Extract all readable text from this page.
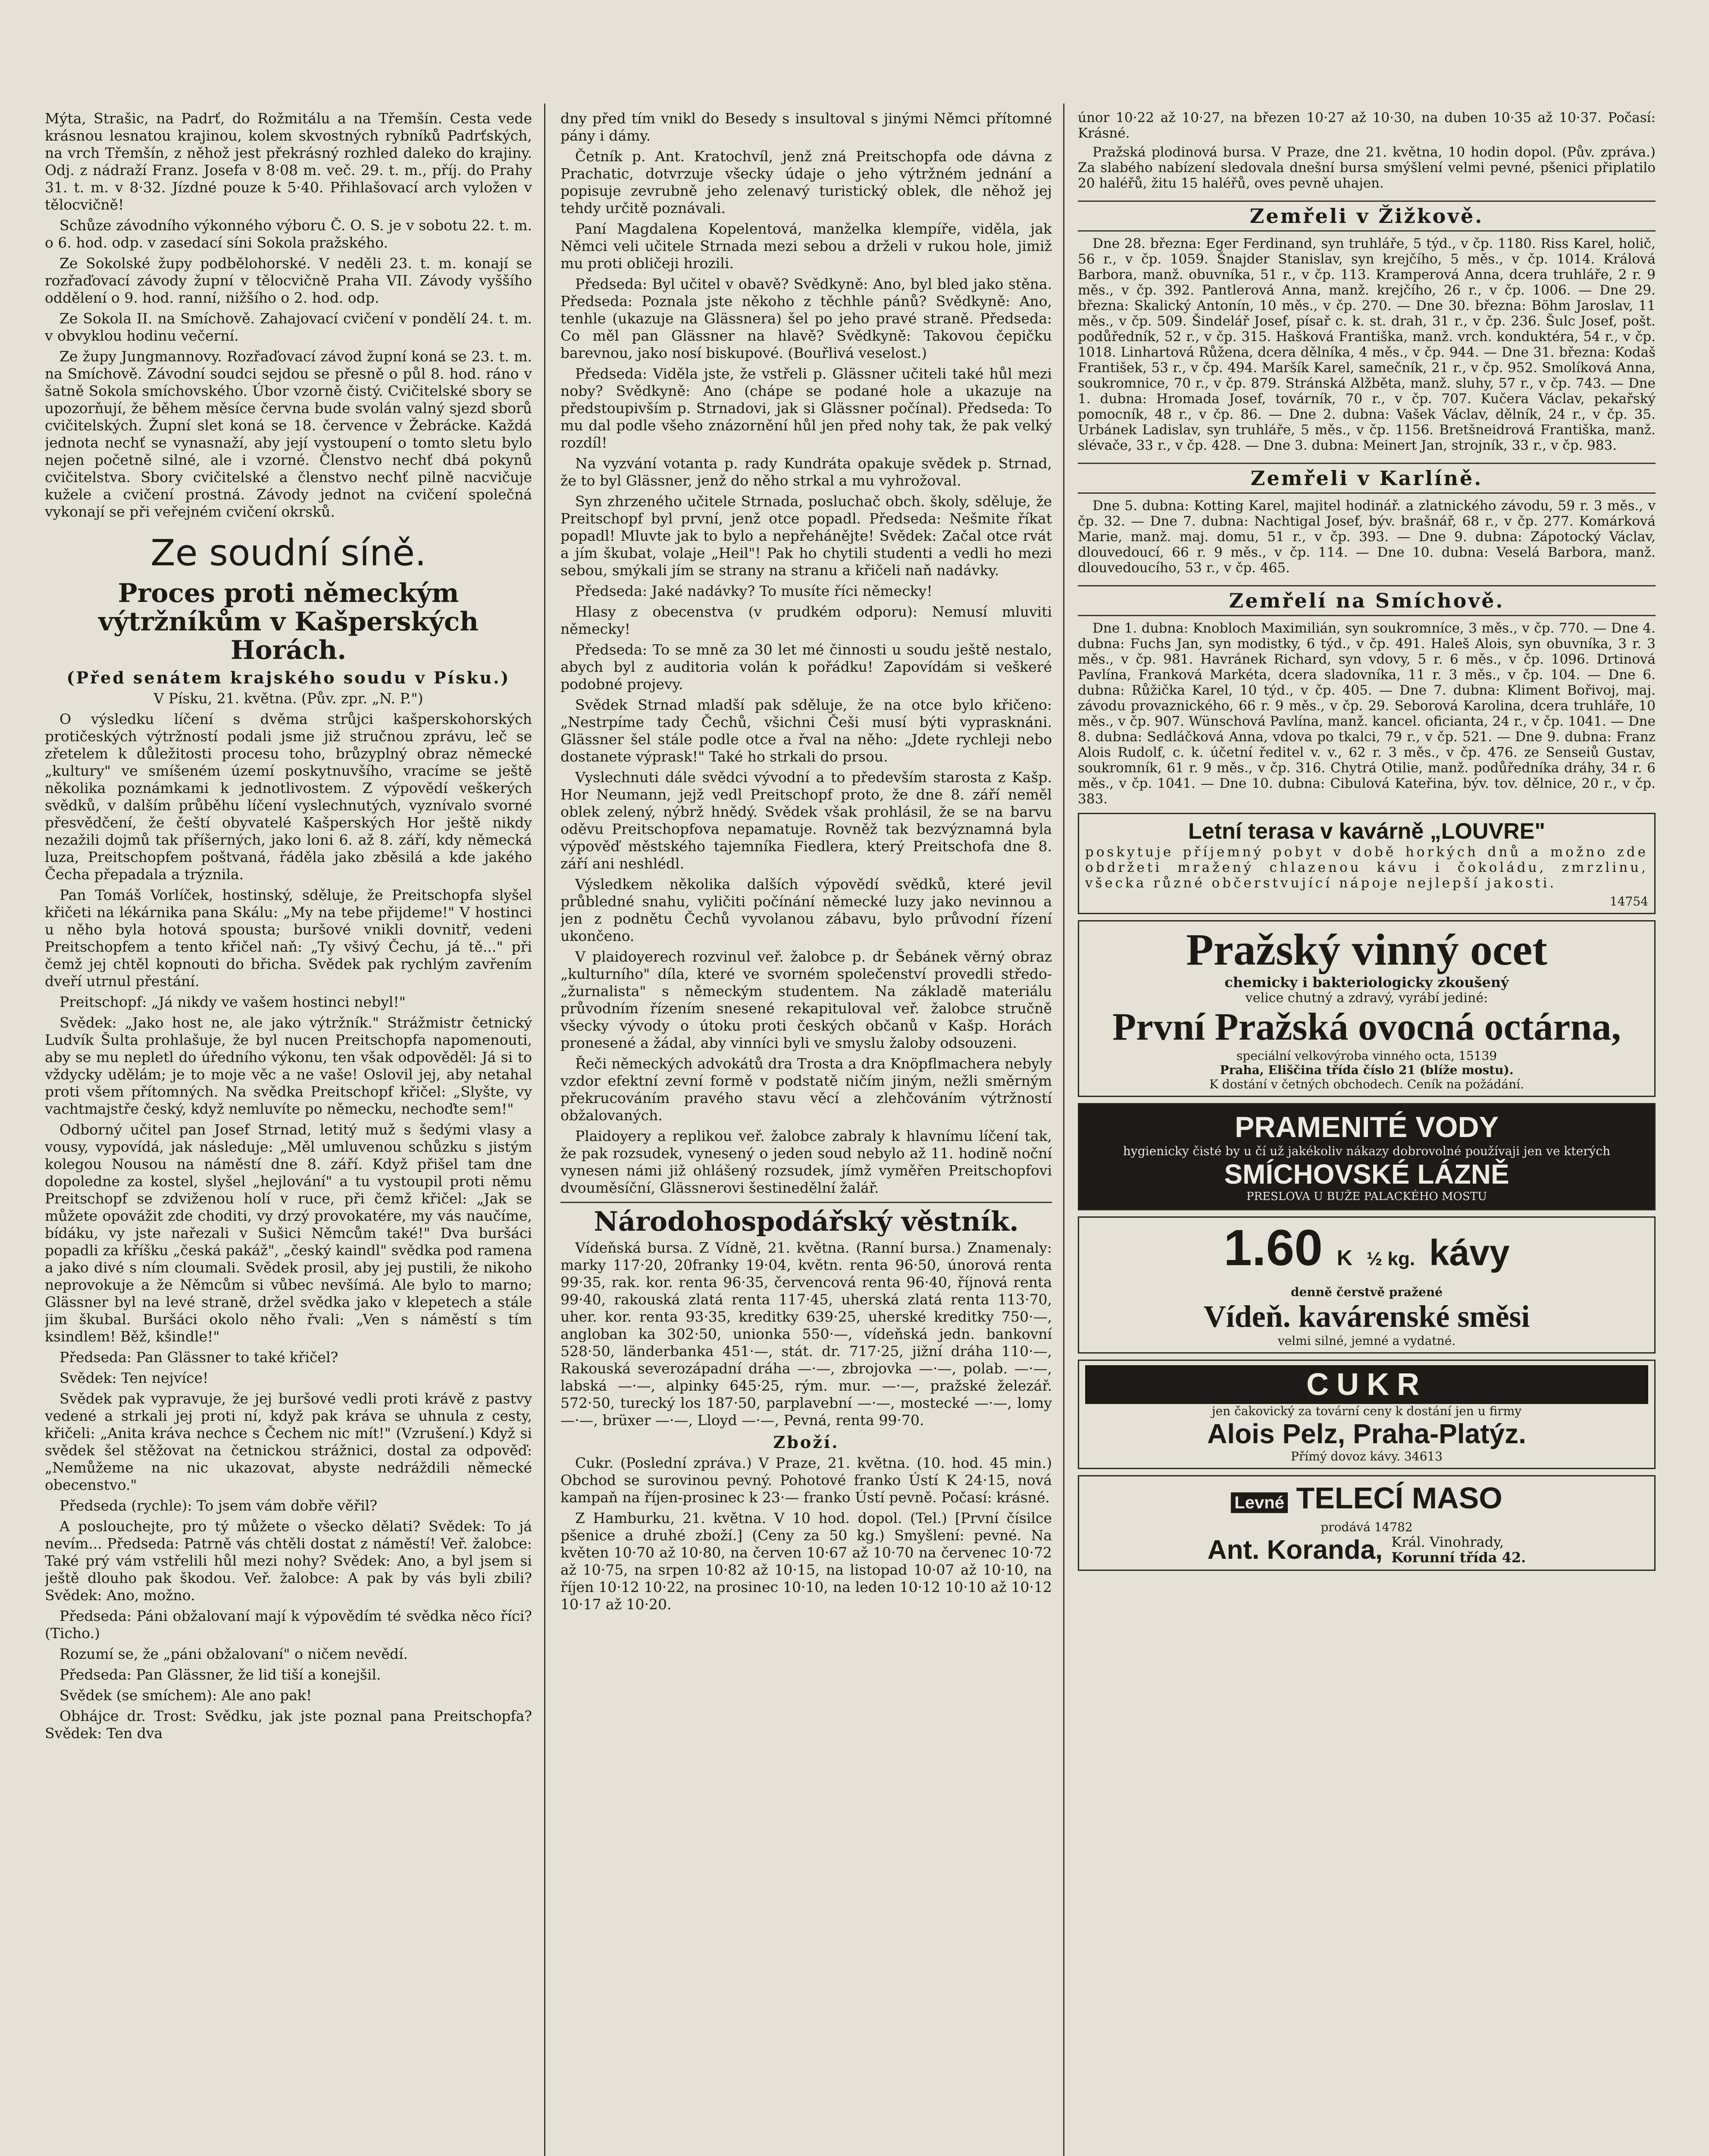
Mýta, Strašic, na Padrť, do Rožmitálu a na Třemšín. Cesta vede krásnou lesnatou krajinou, kolem skvostných rybníků Padrťských, na vrch Třemšín, z něhož jest překrásný rozhled daleko do krajiny. Odj. z nádraží Franz. Josefa v 8·08 m. več. 29. t. m., příj. do Prahy 31. t. m. v 8·32. Jízdné pouze k 5·40. Přihlašovací arch vyložen v tělocvičně!

Schůze závodního výkonného výboru Č. O. S. je v sobotu 22. t. m. o 6. hod. odp. v zasedací síni Sokola pražského.

Ze Sokolské župy podbělohorské. V neděli 23. t. m. konají se rozřaďovací závody župní v tělocvičně Praha VII. Závody vyššího oddělení o 9. hod. ranní, nižšího o 2. hod. odp.

Ze Sokola II. na Smíchově. Zahajovací cvičení v pondělí 24. t. m. v obvyklou hodinu večerní.

Ze župy Jungmannovy. Rozřaďovací závod župní koná se 23. t. m. na Smíchově. Závodní soudci sejdou se přesně o půl 8. hod. ráno v šatně Sokola smíchovského. Úbor vzorně čistý. Cvičitelské sbory se upozorňují, že během měsíce června bude svolán valný sjezd sborů cvičitelských. Župní slet koná se 18. července v Žebrácke. Každá jednota nechť se vynasnaží, aby její vystoupení o tomto sletu bylo nejen početně silné, ale i vzorné. Členstvo nechť dbá pokynů cvičitelstva. Sbory cvičitelské a členstvo nechť pilně nacvičuje kužele a cvičení prostná. Závody jednot na cvičení společná vykonají se při veřejném cvičení okrsků.

Ze soudní síně.
Proces proti německým výtržníkům v Kašperských Horách.
(Před senátem krajského soudu v Písku.)

V Písku, 21. května. (Pův. zpr. „N. P.")

O výsledku líčení s dvěma strůjci kašperskohorských protičeských výtržností podali jsme již stručnou zprávu, leč se zřetelem k důležitosti procesu toho, brůzyplný obraz německé „kultury" ve smíšeném území poskytnuvšího, vracíme se ještě několika poznámkami k jednotlivostem. Z výpovědí veškerých svědků, v dalším průběhu líčení vyslechnutých, vyznívalo svorné přesvědčení, že čeští obyvatelé Kašperských Hor ještě nikdy nezažili dojmů tak příšerných, jako loni 6. až 8. září, kdy německá luza, Preitschopfem poštvaná, řáděla jako zběsilá a kde jakého Čecha přepadala a trýznila.

Pan Tomáš Vorlíček, hostinský, sděluje, že Preitschopfa slyšel křičeti na lékárnika pana Skálu: „My na tebe přijdeme!" V hostinci u něho byla hotová spousta; buršové vnikli dovnitř, vedeni Preitschopfem a tento křičel naň: „Ty všivý Čechu, já tě..." při čemž jej chtěl kopnouti do břicha. Svědek pak rychlým zavřením dveří utrnul přestání.

Preitschopf: „Já nikdy ve vašem hostinci nebyl!"

Svědek: „Jako host ne, ale jako výtržník." Strážmistr četnický Ludvík Šulta prohlašuje, že byl nucen Preitschopfa napomenouti, aby se mu nepletl do úředního výkonu, ten však odpověděl: Já si to vždycky udělám; je to moje věc a ne vaše! Oslovil jej, aby netahal proti všem přítomných. Na svědka Preitschopf křičel: „Slyšte, vy vachtmajstře český, když nemluvíte po německu, nechoďte sem!"

Odborný učitel pan Josef Strnad, letitý muž s šedými vlasy a vousy, vypovídá, jak následuje: „Měl umluvenou schůzku s jistým kolegou Nousou na náměstí dne 8. září. Když přišel tam dne dopoledne za kostel, slyšel „hejlování" a tu vystoupil proti němu Preitschopf se zdviženou holí v ruce, při čemž křičel: „Jak se můžete opovážit zde choditi, vy drzý provokatére, my vás naučíme, bídáku, vy jste nařezali v Sušici Němcům také!" Dva buršáci popadli za kříšku „česká pakáž", „český kaindl" svědka pod ramena a jako divé s ním cloumali. Svědek prosil, aby jej pustili, že nikoho neprovokuje a že Němcům si vůbec nevšímá. Ale bylo to marno; Glässner byl na levé straně, držel svědka jako v klepetech a stále jim škubal. Buršáci okolo něho řvali: „Ven s náměstí s tím ksindlem! Běž, kšindle!"

Předseda: Pan Glässner to také křičel?

Svědek: Ten nejvíce!

Svědek pak vypravuje, že jej buršové vedli proti krávě z pastvy vedené a strkali jej proti ní, když pak kráva se uhnula z cesty, křičeli: „Anita kráva nechce s Čechem nic mít!" (Vzrušení.) Když si svědek šel stěžovat na četnickou strážnici, dostal za odpověď: „Nemůžeme na nic ukazovat, abyste nedráždili německé obecenstvo."

Předseda (rychle): To jsem vám dobře věřil?

A poslouchejte, pro tý můžete o všecko dělati? Svědek: To já nevím... Předseda: Patrně vás chtěli dostat z náměstí! Veř. žalobce: Také prý vám vstřelili hůl mezi nohy? Svědek: Ano, a byl jsem si ještě dlouho pak škodou. Veř. žalobce: A pak by vás byli zbili? Svědek: Ano, možno.

Předseda: Páni obžalovaní mají k výpovědím té svědka něco říci? (Ticho.)

Rozumí se, že „páni obžalovaní" o ničem nevědí.

Předseda: Pan Glässner, že lid tiší a konejšil.

Svědek (se smíchem): Ale ano pak!

Obhájce dr. Trost: Svědku, jak jste poznal pana Preitschopfa? Svědek: Ten dva

dny před tím vnikl do Besedy s insultoval s jinými Němci přítomné pány i dámy.

Četník p. Ant. Kratochvíl, jenž zná Preitschopfa ode dávna z Prachatic, dotvrzuje všecky údaje o jeho výtržném jednání a popisuje zevrubně jeho zelenavý turistický oblek, dle něhož jej tehdy určitě poznávali.

Paní Magdalena Kopelentová, manželka klempíře, viděla, jak Němci veli učitele Strnada mezi sebou a drželi v rukou hole, jimiž mu proti obličeji hrozili.

Předseda: Byl učitel v obavě? Svědkyně: Ano, byl bled jako stěna. Předseda: Poznala jste někoho z těchhle pánů? Svědkyně: Ano, tenhle (ukazuje na Glässnera) šel po jeho pravé straně. Předseda: Co měl pan Glässner na hlavě? Svědkyně: Takovou čepičku barevnou, jako nosí biskupové. (Bouřlivá veselost.)

Předseda: Viděla jste, že vstřeli p. Glässner učiteli také hůl mezi noby? Svědkyně: Ano (chápe se podané hole a ukazuje na předstoupivším p. Strnadovi, jak si Glässner počínal). Předseda: To mu dal podle všeho znázornění hůl jen před nohy tak, že pak velký rozdíl!

Na vyzvání votanta p. rady Kundráta opakuje svědek p. Strnad, že to byl Glässner, jenž do něho strkal a mu vyhrožoval.

Syn zhrzeného učitele Strnada, posluchač obch. školy, sděluje, že Preitschopf byl první, jenž otce popadl. Předseda: Nešmite říkat popadl! Mluvte jak to bylo a nepřehánějte! Svědek: Začal otce rvát a jím škubat, volaje „Heil"! Pak ho chytili studenti a vedli ho mezi sebou, smýkali jím se strany na stranu a křičeli naň nadávky.

Předseda: Jaké nadávky? To musíte říci německy!

Hlasy z obecenstva (v prudkém odporu): Nemusí mluviti německy!

Předseda: To se mně za 30 let mé činnosti u soudu ještě nestalo, abych byl z auditoria volán k pořádku! Zapovídám si veškeré podobné projevy.

Svědek Strnad mladší pak sděluje, že na otce bylo křičeno: „Nestrpíme tady Čechů, všichni Češi musí býti vyprasknáni. Glässner šel stále podle otce a řval na něho: „Jdete rychleji nebo dostanete výprask!" Také ho strkali do prsou.

Vyslechnuti dále svědci vývodní a to především starosta z Kašp. Hor Neumann, jejž vedl Preitschopf proto, že dne 8. září neměl oblek zelený, nýbrž hnědý. Svědek však prohlásil, že se na barvu oděvu Preitschopfova nepamatuje. Rovněž tak bezvýznamná byla výpověď městského tajemníka Fiedlera, který Preitschofa dne 8. září ani neshlédl.

Výsledkem několika dalších výpovědí svědků, které jevil průbledné snahu, vyličiti počínání německé luzy jako nevinnou a jen z podnětu Čechů vyvolanou zábavu, bylo průvodní řízení ukončeno.

V plaidoyerech rozvinul veř. žalobce p. dr Šebánek věrný obraz „kulturního" díla, které ve svorném společenství provedli středo- „žurnalista" s německým studentem. Na základě materiálu průvodním řízením snesené rekapituloval veř. žalobce stručně všecky vývody o útoku proti českých občanů v Kašp. Horách pronesené a žádal, aby vinníci byli ve smyslu žaloby odsouzeni.

Řeči německých advokátů dra Trosta a dra Knöpflmachera nebyly vzdor efektní zevní formě v podstatě ničím jiným, nežli směrným překrucováním pravého stavu věcí a zlehčováním výtržností obžalovaných.

Plaidoyery a replikou veř. žalobce zabraly k hlavnímu líčení tak, že pak rozsudek, vynesený o jeden soud nebylo až 11. hodině noční vynesen námi již ohlášený rozsudek, jímž vyměřen Preitschopfovi dvouměsíční, Glässnerovi šestinedělní žalář.

Národohospodářský věstník.

Vídeňská bursa. Z Vídně, 21. května. (Ranní bursa.) Znamenaly: marky 117·20, 20franky 19·04, květn. renta 96·50, únorová renta 99·35, rak. kor. renta 96·35, červencová renta 96·40, říjnová renta 99·40, rakouská zlatá renta 117·45, uherská zlatá renta 113·70, uher. kor. renta 93·35, kreditky 639·25, uherské kreditky 750·—, angloban ka 302·50, unionka 550·—, vídeňská jedn. bankovní 528·50, länderbanka 451·—, stát. dr. 717·25, jižní dráha 110·—, Rakouská severozápadní dráha —·—, zbrojovka —·—, polab. —·—, labská —·—, alpinky 645·25, rým. mur. —·—, pražské železář. 572·50, turecký los 187·50, parplavební —·—, mostecké —·—, lomy —·—, brüxer —·—, Lloyd —·—, Pevná, renta 99·70.

Zboží.

Cukr. (Poslední zpráva.) V Praze, 21. května. (10. hod. 45 min.) Obchod se surovinou pevný. Pohotové franko Ústí K 24·15, nová kampaň na říjen-prosinec k 23·— franko Ústí pevně. Počasí: krásné.

Z Hamburku, 21. května. V 10 hod. dopol. (Tel.) [První čísilce pšenice a druhé zboží.] (Ceny za 50 kg.) Smyšlení: pevné. Na květen 10·70 až 10·80, na červen 10·67 až 10·70 na červenec 10·72 až 10·75, na srpen 10·82 až 10·15, na listopad 10·07 až 10·10, na říjen 10·12 10·22, na prosinec 10·10, na leden 10·12 10·10 až 10·12 10·17 až 10·20.

únor 10·22 až 10·27, na březen 10·27 až 10·30, na duben 10·35 až 10·37. Počasí: Krásné.

Pražská plodinová bursa. V Praze, dne 21. května, 10 hodin dopol. (Pův. zpráva.) Za slabého nabízení sledovala dnešní bursa smýšlení velmi pevné, pšenici připlatilo 20 haléřů, žitu 15 haléřů, oves pevně uhajen.

Zemřeli v Žižkově.

Dne 28. března: Eger Ferdinand, syn truhláře, 5 týd., v čp. 1180. Riss Karel, holič, 56 r., v čp. 1059. Šnajder Stanislav, syn krejčího, 5 měs., v čp. 1014. Králová Barbora, manž. obuvníka, 51 r., v čp. 113. Kramperová Anna, dcera truhláře, 2 r. 9 měs., v čp. 392. Pantlerová Anna, manž. krejčího, 26 r., v čp. 1006. — Dne 29. března: Skalický Antonín, 10 měs., v čp. 270. — Dne 30. března: Böhm Jaroslav, 11 měs., v čp. 509. Šindelář Josef, písař c. k. st. drah, 31 r., v čp. 236. Šulc Josef, pošt. podůředník, 52 r., v čp. 315. Hašková Františka, manž. vrch. konduktéra, 54 r., v čp. 1018. Linhartová Růžena, dcera dělníka, 4 měs., v čp. 944. — Dne 31. března: Kodaš František, 53 r., v čp. 494. Maršík Karel, samečník, 21 r., v čp. 952. Smolíková Anna, soukromnice, 70 r., v čp. 879. Stránská Alžběta, manž. sluhy, 57 r., v čp. 743. — Dne 1. dubna: Hromada Josef, továrník, 70 r., v čp. 707. Kučera Václav, pekařský pomocník, 48 r., v čp. 86. — Dne 2. dubna: Vašek Václav, dělník, 24 r., v čp. 35. Urbánek Ladislav, syn truhláře, 5 měs., v čp. 1156. Bretšneidrová Františka, manž. slévače, 33 r., v čp. 428. — Dne 3. dubna: Meinert Jan, strojník, 33 r., v čp. 983.

Zemřeli v Karlíně.

Dne 5. dubna: Kotting Karel, majitel hodinář. a zlatnického závodu, 59 r. 3 měs., v čp. 32. — Dne 7. dubna: Nachtigal Josef, býv. brašnář, 68 r., v čp. 277. Komárková Marie, manž. maj. domu, 51 r., v čp. 393. — Dne 9. dubna: Zápotocký Václav, dlouvedoucí, 66 r. 9 měs., v čp. 114. — Dne 10. dubna: Veselá Barbora, manž. dlouvedoucího, 53 r., v čp. 465.

Zemřelí na Smíchově.

Dne 1. dubna: Knobloch Maximilián, syn soukromníce, 3 měs., v čp. 770. — Dne 4. dubna: Fuchs Jan, syn modistky, 6 týd., v čp. 491. Haleš Alois, syn obuvníka, 3 r. 3 měs., v čp. 981. Havránek Richard, syn vdovy, 5 r. 6 měs., v čp. 1096. Drtinová Pavlína, Franková Markéta, dcera sladovníka, 11 r. 3 měs., v čp. 104. — Dne 6. dubna: Růžička Karel, 10 týd., v čp. 405. — Dne 7. dubna: Kliment Bořivoj, maj. závodu provaznického, 66 r. 9 měs., v čp. 29. Seborová Karolina, dcera truhláře, 10 měs., v čp. 907. Wünschová Pavlína, manž. kancel. oficianta, 24 r., v čp. 1041. — Dne 8. dubna: Sedláčková Anna, vdova po tkalci, 79 r., v čp. 521. — Dne 9. dubna: Franz Alois Rudolf, c. k. účetní ředitel v. v., 62 r. 3 měs., v čp. 476. ze Senseiů Gustav, soukromník, 61 r. 9 měs., v čp. 316. Chytrá Otilie, manž. podůředníka dráhy, 34 r. 6 měs., v čp. 1041. — Dne 10. dubna: Cibulová Kateřina, býv. tov. dělnice, 20 r., v čp. 383.

Letní terasa v kavárně „LOUVRE"

poskytuje příjemný pobyt v době horkých dnů a možno zde obdržeti mražený chlazenou kávu i čokoládu, zmrzlinu, všecka různé občerstvující nápoje nejlepší jakosti.

14754
Pražský vinný ocet
chemicky i bakteriologicky zkoušený
velice chutný a zdravý, vyrábí jediné:
První Pražská ovocná octárna,
speciální velkovýroba vinného octa, 15139
Praha, Eliščina třída číslo 21 (blíže mostu).
K dostání v četných obchodech. Ceník na požádání.
PRAMENITÉ VODY
hygienicky čisté by u čí už jakékoliv nákazy dobrovolné používaji jen ve kterých
SMÍCHOVSKÉ LÁZNĚ
PRESLOVA U BUŽE PALACKÉHO MOSTU
1.60 K ½ kg. kávy
denně čerstvě pražené
Vídeň. kavárenské směsi
velmi silné, jemné a vydatné.
CUKR
jen čakovický za tovární ceny k dostání jen u firmy
Alois Pelz, Praha-Platýz.
Přímý dovoz kávy. 34613
Levné TELECÍ MASO
prodává 14782
Ant. Koranda, Král. Vinohrady,
Korunní třída 42.
